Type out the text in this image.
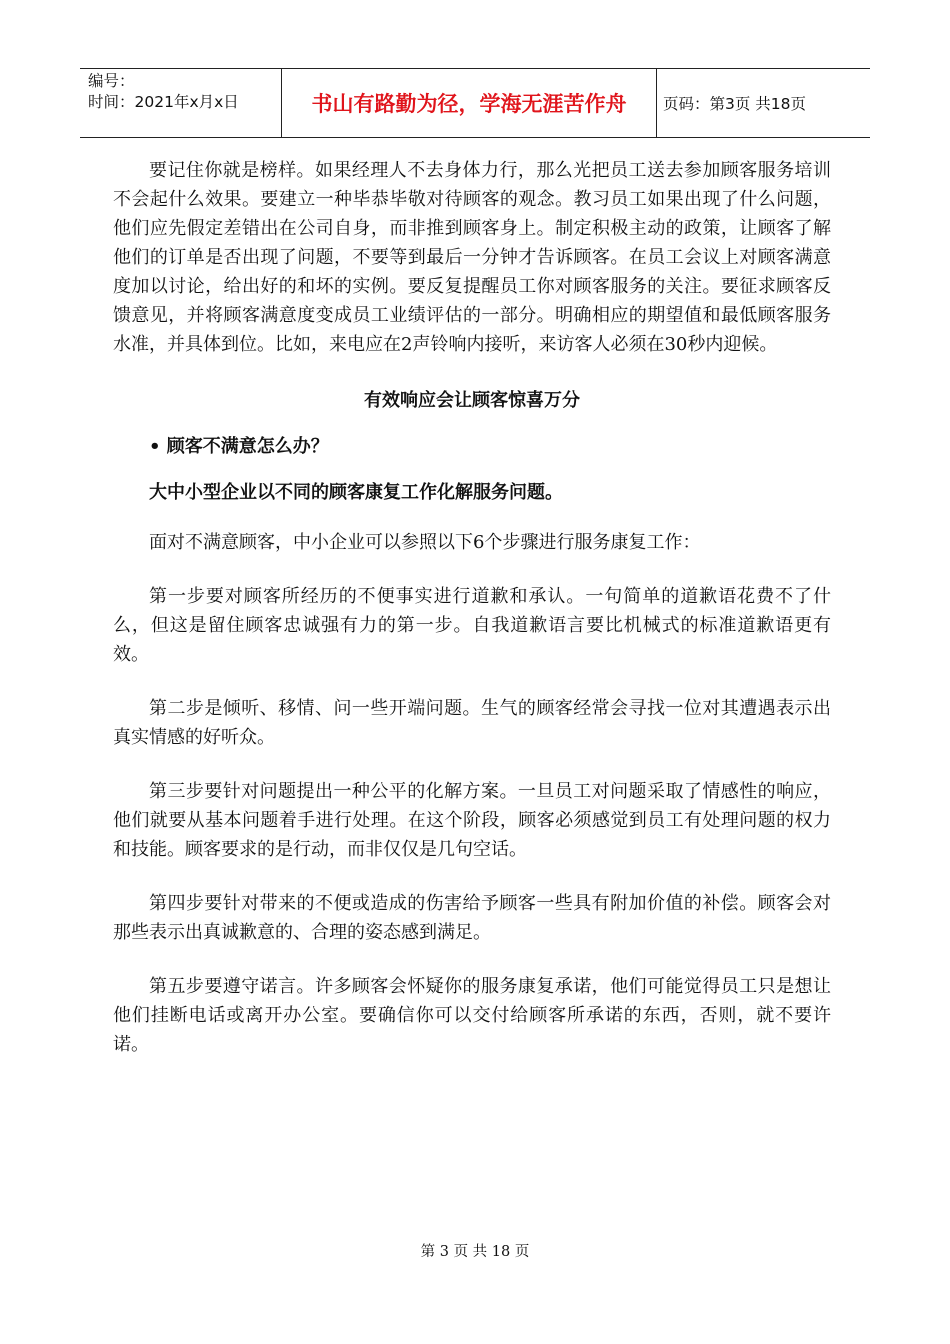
编号：
时间：2021年x月x日	书山有路勤为径，学海无涯苦作舟	页码：第3页 共18页

要记住你就是榜样。如果经理人不去身体力行，那么光把员工送去参加顾客服务培训不会起什么效果。要建立一种毕恭毕敬对待顾客的观念。教习员工如果出现了什么问题，他们应先假定差错出在公司自身，而非推到顾客身上。制定积极主动的政策，让顾客了解他们的订单是否出现了问题，不要等到最后一分钟才告诉顾客。在员工会议上对顾客满意度加以讨论，给出好的和坏的实例。要反复提醒员工你对顾客服务的关注。要征求顾客反馈意见，并将顾客满意度变成员工业绩评估的一部分。明确相应的期望值和最低顾客服务水准，并具体到位。比如，来电应在2声铃响内接听，来访客人必须在30秒内迎候。

有效响应会让顾客惊喜万分

• 顾客不满意怎么办？

大中小型企业以不同的顾客康复工作化解服务问题。

面对不满意顾客，中小企业可以参照以下6个步骤进行服务康复工作：

第一步要对顾客所经历的不便事实进行道歉和承认。一句简单的道歉语花费不了什么，但这是留住顾客忠诚强有力的第一步。自我道歉语言要比机械式的标准道歉语更有效。

第二步是倾听、移情、问一些开端问题。生气的顾客经常会寻找一位对其遭遇表示出真实情感的好听众。

第三步要针对问题提出一种公平的化解方案。一旦员工对问题采取了情感性的响应，他们就要从基本问题着手进行处理。在这个阶段，顾客必须感觉到员工有处理问题的权力和技能。顾客要求的是行动，而非仅仅是几句空话。

第四步要针对带来的不便或造成的伤害给予顾客一些具有附加价值的补偿。顾客会对那些表示出真诚歉意的、合理的姿态感到满足。

第五步要遵守诺言。许多顾客会怀疑你的服务康复承诺，他们可能觉得员工只是想让他们挂断电话或离开办公室。要确信你可以交付给顾客所承诺的东西，否则，就不要许诺。

第 3 页 共 18 页
